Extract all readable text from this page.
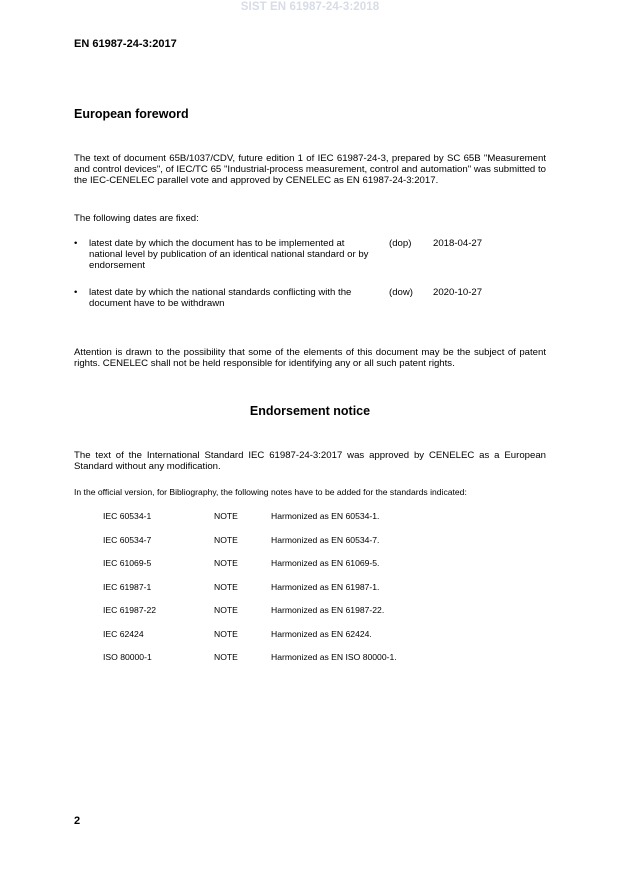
SIST EN 61987-24-3:2018
EN 61987-24-3:2017
European foreword
The text of document 65B/1037/CDV, future edition 1 of IEC 61987-24-3, prepared by SC 65B "Measurement and control devices", of IEC/TC 65 "Industrial-process measurement, control and automation" was submitted to the IEC-CENELEC parallel vote and approved by CENELEC as EN 61987-24-3:2017.
The following dates are fixed:
• latest date by which the document has to be implemented at national level by publication of an identical national standard or by endorsement
(dop) 2018-04-27
• latest date by which the national standards conflicting with the document have to be withdrawn
(dow) 2020-10-27
Attention is drawn to the possibility that some of the elements of this document may be the subject of patent rights. CENELEC shall not be held responsible for identifying any or all such patent rights.
Endorsement notice
The text of the International Standard IEC 61987-24-3:2017 was approved by CENELEC as a European Standard without any modification.
In the official version, for Bibliography, the following notes have to be added for the standards indicated:
IEC 60534-1	NOTE	Harmonized as EN 60534-1.
IEC 60534-7	NOTE	Harmonized as EN 60534-7.
IEC 61069-5	NOTE	Harmonized as EN 61069-5.
IEC 61987-1	NOTE	Harmonized as EN 61987-1.
IEC 61987-22	NOTE	Harmonized as EN 61987-22.
IEC 62424	NOTE	Harmonized as EN 62424.
ISO 80000-1	NOTE	Harmonized as EN ISO 80000-1.
2
